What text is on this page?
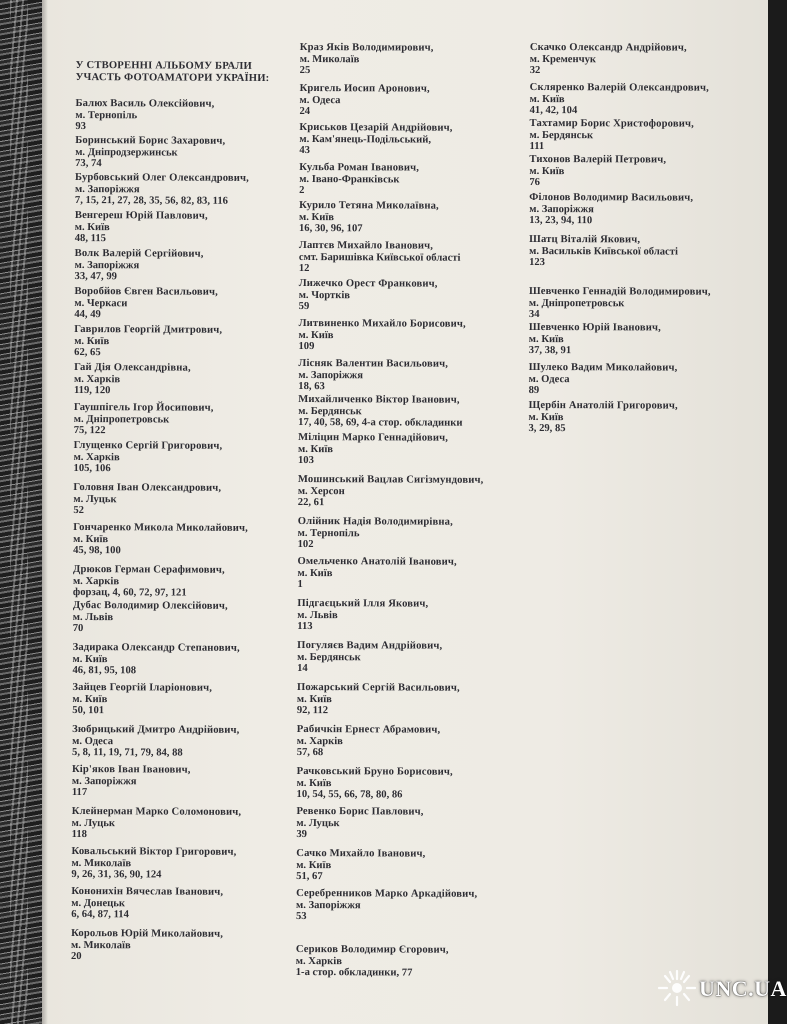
У СТВОРЕННІ АЛЬБОМУ БРАЛИ
УЧАСТЬ ФОТОАМАТОРИ УКРАЇНИ:
Балюх Василь Олексійович,
м. Тернопіль
93
Боринський Борис Захарович,
м. Дніпродзержинськ
73, 74
Бурбовський Олег Олександрович,
м. Запоріжжя
7, 15, 21, 27, 28, 35, 56, 82, 83, 116
Венгереш Юрій Павлович,
м. Київ
48, 115
Волк Валерій Сергійович,
м. Запоріжжя
33, 47, 99
Воробйов Євген Васильович,
м. Черкаси
44, 49
Гаврилов Георгій Дмитрович,
м. Київ
62, 65
Гай Дія Олександрівна,
м. Харків
119, 120
Гаушпігель Ігор Йосипович,
м. Дніпропетровськ
75, 122
Глущенко Сергій Григорович,
м. Харків
105, 106
Головня Іван Олександрович,
м. Луцьк
52
Гончаренко Микола Миколайович,
м. Київ
45, 98, 100
Дрюков Герман Серафимович,
м. Харків
форзац, 4, 60, 72, 97, 121
Дубас Володимир Олексійович,
м. Львів
70
Задирака Олександр Степанович,
м. Київ
46, 81, 95, 108
Зайцев Георгій Іларіонович,
м. Київ
50, 101
Зюбрицький Дмитро Андрійович,
м. Одеса
5, 8, 11, 19, 71, 79, 84, 88
Кір'яков Іван Іванович,
м. Запоріжжя
117
Клейнерман Марко Соломонович,
м. Луцьк
118
Ковальський Віктор Григорович,
м. Миколаїв
9, 26, 31, 36, 90, 124
Кононихін Вячеслав Іванович,
м. Донецьк
6, 64, 87, 114
Корольов Юрій Миколайович,
м. Миколаїв
20
Краз Яків Володимирович,
м. Миколаїв
25
Кригель Иосип Аронович,
м. Одеса
24
Криськов Цезарій Андрійович,
м. Кам'янець-Подільський,
43
Кульба Роман Іванович,
м. Івано-Франківськ
2
Курило Тетяна Миколаївна,
м. Київ
16, 30, 96, 107
Лаптєв Михайло Іванович,
смт. Баришівка Київської області
12
Лижечко Орест Франкович,
м. Чортків
59
Литвиненко Михайло Борисович,
м. Київ
109
Лісняк Валентин Васильович,
м. Запоріжжя
18, 63
Михайличенко Віктор Іванович,
м. Бердянськ
17, 40, 58, 69, 4-а стор. обкладинки
Міліцин Марко Геннадійович,
м. Київ
103
Мошинський Вацлав Сигізмундович,
м. Херсон
22, 61
Олійник Надія Володимирівна,
м. Тернопіль
102
Омельченко Анатолій Іванович,
м. Київ
1
Підгаєцький Ілля Якович,
м. Львів
113
Погуляєв Вадим Андрійович,
м. Бердянськ
14
Пожарський Сергій Васильович,
м. Київ
92, 112
Рабичкін Ернест Абрамович,
м. Харків
57, 68
Рачковський Бруно Борисович,
м. Київ
10, 54, 55, 66, 78, 80, 86
Ревенко Борис Павлович,
м. Луцьк
39
Сачко Михайло Іванович,
м. Київ
51, 67
Серебренников Марко Аркадійович,
м. Запоріжжя
53
Сериков Володимир Єгорович,
м. Харків
1-а стор. обкладинки, 77
Скачко Олександр Андрійович,
м. Кременчук
32
Скляренко Валерій Олександрович,
м. Київ
41, 42, 104
Тахтамир Борис Христофорович,
м. Бердянськ
111
Тихонов Валерій Петрович,
м. Київ
76
Філонов Володимир Васильович,
м. Запоріжжя
13, 23, 94, 110
Шатц Віталій Якович,
м. Васильків Київської області
123
Шевченко Геннадій Володимирович,
м. Дніпропетровськ
34
Шевченко Юрій Іванович,
м. Київ
37, 38, 91
Шулеко Вадим Миколайович,
м. Одеса
89
Щербін Анатолій Григорович,
м. Київ
3, 29, 85
UNC.UA
